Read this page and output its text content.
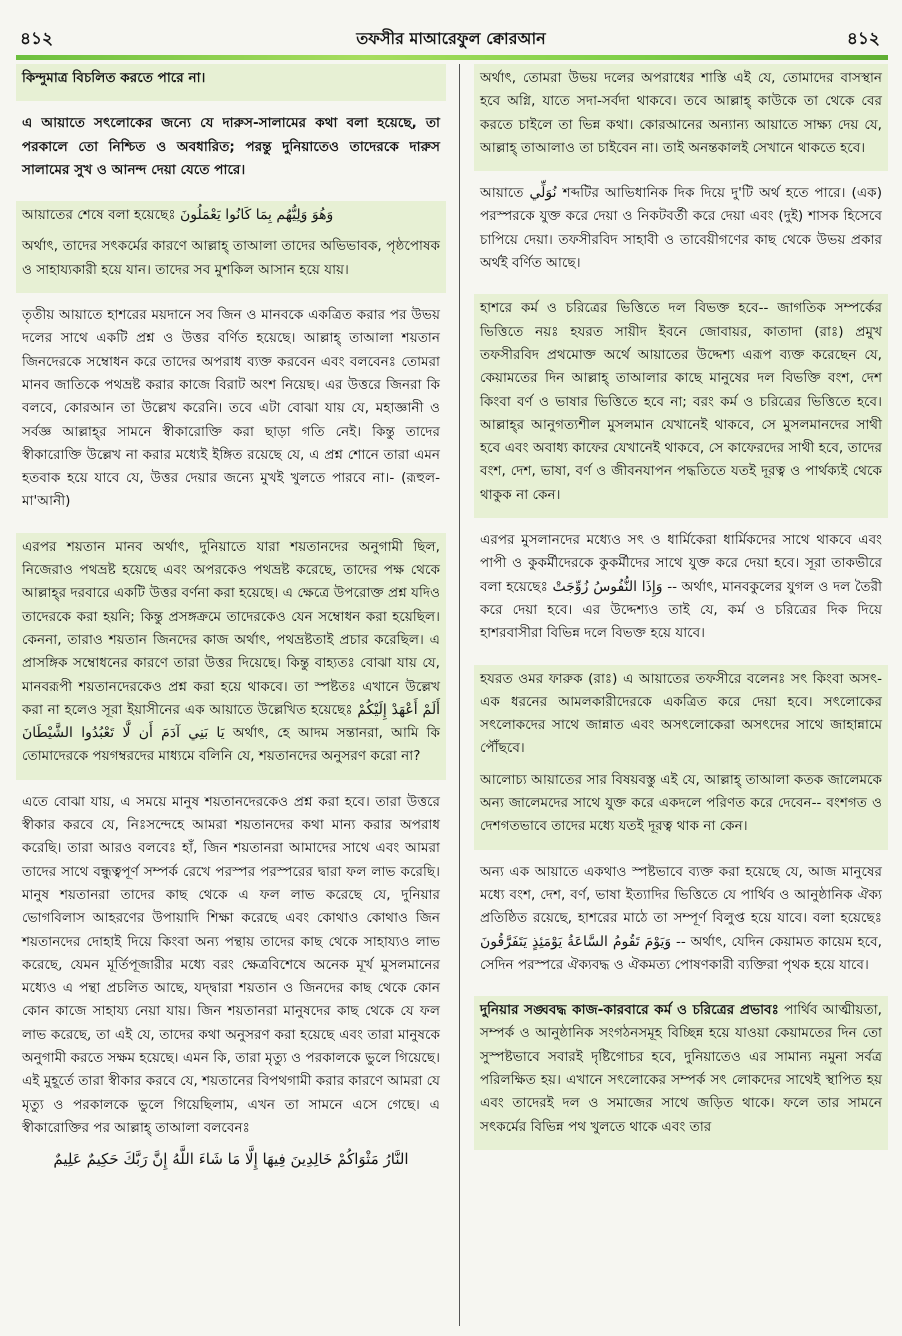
৪১২	তফসীর মাআরেফুল ক্বোরআন	৪১২

কিন্দুমাত্র বিচলিত করতে পারে না।

এ আয়াতে সৎলোকের জন্যে যে দারুস-সালামের কথা বলা হয়েছে, তা পরকালে তো নিশ্চিত ও অবধারিত; পরন্তু দুনিয়াতেও তাদেরকে দারুস সালামের সুখ ও আনন্দ দেয়া যেতে পারে।

আয়াতের শেষে বলা হয়েছেঃ وَهُوَ وَلِيُّهُم بِمَا كَانُوا يَعْمَلُونَ

অর্থাৎ, তাদের সৎকর্মের কারণে আল্লাহ্ তাআলা তাদের অভিভাবক, পৃষ্ঠপোষক ও সাহায্যকারী হয়ে যান। তাদের সব মুশকিল আসান হয়ে যায়।

তৃতীয় আয়াতে হাশরের ময়দানে সব জিন ও মানবকে একত্রিত করার পর উভয় দলের সাথে একটি প্রশ্ন ও উত্তর বর্ণিত হয়েছে। আল্লাহ্ তাআলা শয়তান জিনদেরকে সম্বোধন করে তাদের অপরাধ ব্যক্ত করবেন এবং বলবেনঃ তোমরা মানব জাতিকে পথভ্রষ্ট করার কাজে বিরাট অংশ নিয়েছ। এর উত্তরে জিনরা কি বলবে, কোরআন তা উল্লেখ করেনি। তবে এটা বোঝা যায় যে, মহাজ্ঞানী ও সর্বজ্ঞ আল্লাহ্‌র সামনে স্বীকারোক্তি করা ছাড়া গতি নেই। কিন্তু তাদের স্বীকারোক্তি উল্লেখ না করার মধ্যেই ইঙ্গিত রয়েছে যে, এ প্রশ্ন শোনে তারা এমন হতবাক হয়ে যাবে যে, উত্তর দেয়ার জন্যে মুখই খুলতে পারবে না।- (রূহুল-মা'আনী)

এরপর শয়তান মানব অর্থাৎ, দুনিয়াতে যারা শয়তানদের অনুগামী ছিল, নিজেরাও পথভ্রষ্ট হয়েছে এবং অপরকেও পথভ্রষ্ট করেছে, তাদের পক্ষ থেকে আল্লাহ্‌র দরবারে একটি উত্তর বর্ণনা করা হয়েছে। এ ক্ষেত্রে উপরোক্ত প্রশ্ন যদিও তাদেরকে করা হয়নি; কিন্তু প্রসঙ্গক্রমে তাদেরকেও যেন সম্বোধন করা হয়েছিল। কেননা, তারাও শয়তান জিনদের কাজ অর্থাৎ, পথভ্রষ্টতাই প্রচার করেছিল। এ প্রাসঙ্গিক সম্বোধনের কারণে তারা উত্তর দিয়েছে। কিন্তু বাহ্যতঃ বোঝা যায় যে, মানবরূপী শয়তানদেরকেও প্রশ্ন করা হয়ে থাকবে। তা স্পষ্টতঃ এখানে উল্লেখ করা না হলেও সূরা ইয়াসীনের এক আয়াতে উল্লেখিত হয়েছেঃ أَلَمْ أَعْهَدْ إِلَيْكُمْ يَا بَنِي آدَمَ أَن لَّا تَعْبُدُوا الشَّيْطَانَ	অর্থাৎ, হে আদম সন্তানরা, আমি কি তোমাদেরকে পয়গম্বরদের মাধ্যমে বলিনি যে, শয়তানদের অনুসরণ করো না?

এতে বোঝা যায়, এ সময়ে মানুষ শয়তানদেরকেও প্রশ্ন করা হবে। তারা উত্তরে স্বীকার করবে যে, নিঃসন্দেহে আমরা শয়তানদের কথা মান্য করার অপরাধ করেছি। তারা আরও বলবেঃ হাঁ, জিন শয়তানরা আমাদের সাথে এবং আমরা তাদের সাথে বন্ধুত্বপূর্ণ সম্পর্ক রেখে পরস্পর পরস্পরের দ্বারা ফল লাভ করেছি। মানুষ শয়তানরা তাদের কাছ থেকে এ ফল লাভ করেছে যে, দুনিয়ার ভোগবিলাস আহরণের উপায়াদি শিক্ষা করেছে এবং কোথাও কোথাও জিন শয়তানদের দোহাই দিয়ে কিংবা অন্য পন্থায় তাদের কাছ থেকে সাহায্যও লাভ করেছে, যেমন মূর্তিপূজারীর মধ্যে বরং ক্ষেত্রবিশেষে অনেক মূর্খ মুসলমানের মধ্যেও এ পন্থা প্রচলিত আছে, যদ্দ্বারা শয়তান ও জিনদের কাছ থেকে কোন কোন কাজে সাহায্য নেয়া যায়। জিন শয়তানরা মানুষদের কাছ থেকে যে ফল লাভ করেছে, তা এই যে, তাদের কথা অনুসরণ করা হয়েছে এবং তারা মানুষকে অনুগামী করতে সক্ষম হয়েছে। এমন কি, তারা মৃত্যু ও পরকালকে ভুলে গিয়েছে। এই মুহূর্তে তারা স্বীকার করবে যে, শয়তানের বিপথগামী করার কারণে আমরা যে মৃত্যু ও পরকালকে ভুলে গিয়েছিলাম, এখন তা সামনে এসে গেছে। এ স্বীকারোক্তির পর আল্লাহ্ তাআলা বলবেনঃ

النَّارُ مَثْوَاكُمْ خَالِدِينَ فِيهَا إِلَّا مَا شَاءَ اللَّهُ إِنَّ رَبَّكَ حَكِيمٌ عَلِيمٌ

অর্থাৎ, তোমরা উভয় দলের অপরাধের শাস্তি এই যে, তোমাদের বাসস্থান হবে অগ্নি, যাতে সদা-সর্বদা থাকবে। তবে আল্লাহ্ কাউকে তা থেকে বের করতে চাইলে তা ভিন্ন কথা। কোরআনের অন্যান্য আয়াতে সাক্ষ্য দেয় যে, আল্লাহ্ তাআলাও তা চাইবেন না। তাই অনন্তকালই সেখানে থাকতে হবে।

আয়াতে نُوَلِّي শব্দটির আভিধানিক দিক দিয়ে দু'টি অর্থ হতে পারে। (এক) পরস্পরকে যুক্ত করে দেয়া ও নিকটবর্তী করে দেয়া এবং (দুই) শাসক হিসেবে চাপিয়ে দেয়া। তফসীরবিদ সাহাবী ও তাবেয়ীগণের কাছ থেকে উভয় প্রকার অর্থই বর্ণিত আছে।

হাশরে কর্ম ও চরিত্রের ভিত্তিতে দল বিভক্ত হবে-- জাগতিক সম্পর্কের ভিত্তিতে নয়ঃ হযরত সায়ীদ ইবনে জোবায়র, কাতাদা (রাঃ) প্রমুখ তফসীরবিদ প্রথমোক্ত অর্থে আয়াতের উদ্দেশ্য এরূপ ব্যক্ত করেছেন যে, কেয়ামতের দিন আল্লাহ্ তাআলার কাছে মানুষের দল বিভক্তি বংশ, দেশ কিংবা বর্ণ ও ভাষার ভিত্তিতে হবে না; বরং কর্ম ও চরিত্রের ভিত্তিতে হবে। আল্লাহ্‌র আনুগত্যশীল মুসলমান যেখানেই থাকবে, সে মুসলমানদের সাথী হবে এবং অবাধ্য কাফের যেখানেই থাকবে, সে কাফেরদের সাথী হবে, তাদের বংশ, দেশ, ভাষা, বর্ণ ও জীবনযাপন পদ্ধতিতে যতই দূরত্ব ও পার্থক্যই থেকে থাকুক না কেন।

এরপর মুসলানদের মধ্যেও সৎ ও ধার্মিকেরা ধার্মিকদের সাথে থাকবে এবং পাপী ও কুকর্মীদেরকে কুকর্মীদের সাথে যুক্ত করে দেয়া হবে। সূরা তাকভীরে বলা হয়েছেঃ وَإِذَا النُّفُوسُ زُوِّجَتْ -- অর্থাৎ, মানবকুলের যুগল ও দল তৈরী করে দেয়া হবে। এর উদ্দেশ্যও তাই যে, কর্ম ও চরিত্রের দিক দিয়ে হাশরবাসীরা বিভিন্ন দলে বিভক্ত হয়ে যাবে।

হযরত ওমর ফারুক (রাঃ) এ আয়াতের তফসীরে বলেনঃ সৎ কিংবা অসৎ-এক ধরনের আমলকারীদেরকে একত্রিত করে দেয়া হবে। সৎলোকের সৎলোকদের সাথে জান্নাত এবং অসৎলোকেরা অসৎদের সাথে জাহান্নামে পৌঁছবে।

আলোচ্য আয়াতের সার বিষয়বস্তু এই যে, আল্লাহ্ তাআলা কতক জালেমকে অন্য জালেমদের সাথে যুক্ত করে একদলে পরিণত করে দেবেন-- বংশগত ও দেশগতভাবে তাদের মধ্যে যতই দূরত্ব থাক না কেন।

অন্য এক আয়াতে একথাও স্পষ্টভাবে ব্যক্ত করা হয়েছে যে, আজ মানুষের মধ্যে বংশ, দেশ, বর্ণ, ভাষা ইত্যাদির ভিত্তিতে যে পার্থিব ও আনুষ্ঠানিক ঐক্য প্রতিষ্ঠিত রয়েছে, হাশরের মাঠে তা সম্পূর্ণ বিলুপ্ত হয়ে যাবে। বলা হয়েছেঃ وَيَوْمَ تَقُومُ السَّاعَةُ يَوْمَئِذٍ يَتَفَرَّقُونَ -- অর্থাৎ, যেদিন কেয়ামত কায়েম হবে, সেদিন পরস্পরে ঐক্যবদ্ধ ও ঐকমত্য পোষণকারী ব্যক্তিরা পৃথক হয়ে যাবে।

দুনিয়ার সঙ্ঘবদ্ধ কাজ-কারবারে কর্ম ও চরিত্রের প্রভাবঃ পার্থিব আত্মীয়তা, সম্পর্ক ও আনুষ্ঠানিক সংগঠনসমূহ বিচ্ছিন্ন হয়ে যাওয়া কেয়ামতের দিন তো সুস্পষ্টভাবে সবারই দৃষ্টিগোচর হবে, দুনিয়াতেও এর সামান্য নমুনা সর্বত্র পরিলক্ষিত হয়। এখানে সৎলোকের সম্পর্ক সৎ লোকদের সাথেই স্থাপিত হয় এবং তাদেরই দল ও সমাজের সাথে জড়িত থাকে। ফলে তার সামনে সৎকর্মের বিভিন্ন পথ খুলতে থাকে এবং তার
